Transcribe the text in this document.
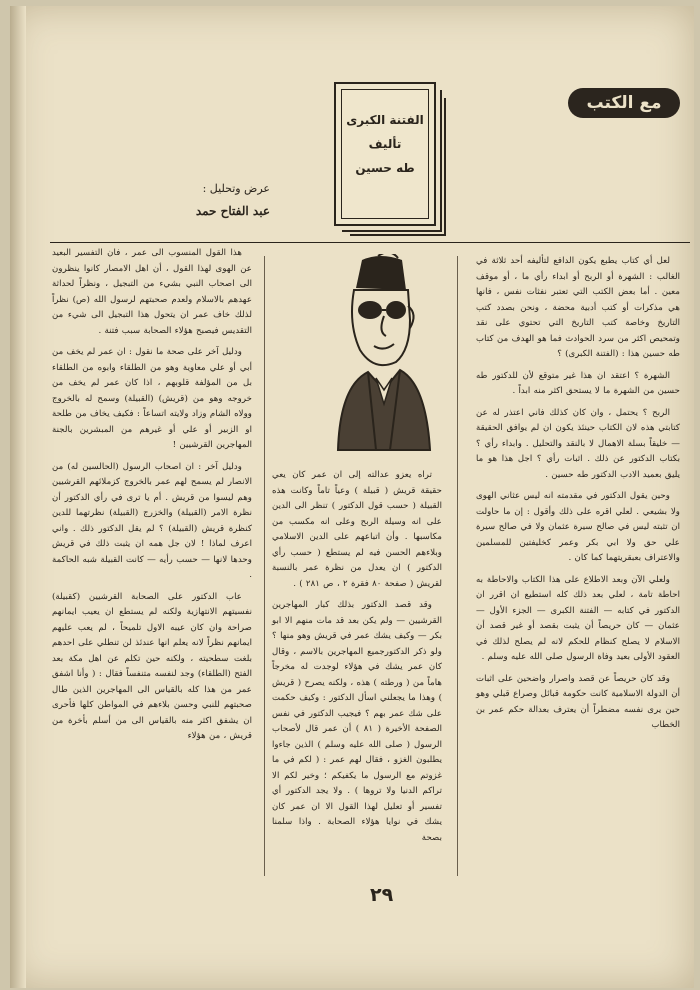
مع الكتب
الفتنة الكبرى
تأليف
طه حسين
عرض وتحليل :
عبد الفتاح حمد

لعل أي كتاب يطبع يكون الدافع لتأليفه أحد ثلاثة في الغالب : الشهرة أو الربح أو ابداء رأي ما ، أو موقف معين . أما بعض الكتب التي تعتبر نفثات نفس ، فانها هي مذكرات أو كتب أدبية محضة ، ونحن بصدد كتب التاريخ وخاصة كتب التاريخ التي تحتوي على نقد وتمحيص اكثر من سرد الحوادث فما هو الهدف من كتاب طه حسين هذا : (الفتنة الكبرى) ؟

الشهرة ؟ اعتقد ان هذا غير متوقع لأن للدكتور طه حسين من الشهرة ما لا يستحق اكثر منه ابداً .

الربح ؟ يحتمل ، وان كان كذلك فاني اعتذر له عن كتابتي هذه لان الكتاب حينئذ يكون ان لم يوافق الحقيقة — خليقاً بسلة الاهمال لا بالنقد والتحليل . وابداء رأي ؟ بكتاب الدكتور عن ذلك . اثبات رأي ؟ اجل هذا هو ما يليق بعميد الادب الدكتور طه حسين .

وحين يقول الدكتور في مقدمته انه ليس عثاني الهوى ولا بشيعي . لعلي اقره على ذلك وأقول : إن ما حاولت ان تثبته ليس في صالح سيرة عثمان ولا في صالح سيرة علي حق ولا ابي بكر وعمر كخليفتين للمسلمين والاعتراف بعبقريتهما كما كان .

ولعلي الآن وبعد الاطلاع على هذا الكتاب والاحاطة به احاطة تامة ، لعلي بعد ذلك كله استطيع ان اقرر ان الدكتور في كتابه — الفتنة الكبرى — الجزء الأول — عثمان — كان حريصاً أن يثبت بقصد أو غير قصد أن الاسلام لا يصلح كنظام للحكم لانه لم يصلح لذلك في العقود الأولى بعيد وفاة الرسول صلى الله عليه وسلم .

وقد كان حريصاً عن قصد واصرار واضحين على اثبات أن الدولة الاسلامية كانت حكومة قبائل وصراع قبلي وهو حين يرى نفسه مضطراً أن يعترف بعدالة حكم عمر بن الخطاب

تراه يعزو عدالته إلى ان عمر كان يعي حقيقة قريش ( قبيلة ) وعياً تاماً وكانت هذه القبيلة ( حسب قول الدكتور ) تنظر الى الدين على انه وسيلة الربح وعلى انه مكسب من مكاسبها . وأن اتباعهم على الدين الاسلامي وبلاءهم الحسن فيه لم يستطع ( حسب رأي الدكتور ) ان يعدل من نظرة عمر بالنسبة لقريش ( صفحة ٨٠ فقرة ٢ ، ص ٢٨١ ) .

وقد قصد الدكتور بذلك كبار المهاجرين القرشيين — ولم يكن بعد قد مات منهم الا ابو بكر — وكيف يشك عمر في قريش وهو منها ؟ ولو ذكر الدكتورجميع المهاجرين بالاسم ، وقال كان عمر يشك في هؤلاء لوجدت له مخرجاً هاماً من ( ورطته ) هذه ، ولكنه يصرح ( قريش ) وهذا ما يجعلني اسأل الدكتور : وكيف حكمت على شك عمر بهم ؟ فيجيب الدكتور في نفس الصفحة الأخيرة ( ٨١ ) أن عمر قال لأصحاب الرسول ( صلى الله عليه وسلم ) الذين جاءوا يطلبون الغزو ، فقال لهم عمر : ( لكم في ما غزوتم مع الرسول ما يكفيكم ؛ وخير لكم الا تراكم الدنيا ولا تروها ) . ولا يجد الدكتور أي تفسير أو تعليل لهذا القول الا ان عمر كان يشك في نوايا هؤلاء الصحابة . واذا سلمنا بصحة

هذا القول المنسوب الى عمر ، فان التفسير البعيد عن الهوى لهذا القول ، أن اهل الامصار كانوا ينظرون الى اصحاب النبي بشيء من التبجيل ، ونظراً لحداثة عهدهم بالاسلام ولعدم صحبتهم لرسول الله (ص) نظراً لذلك خاف عمر ان يتحول هذا التبجيل الى شيء من التقديس فيصبح هؤلاء الصحابة سبب فتنة .

ودليل آخر على صحة ما نقول : ان عمر لم يخف من أبي أو علي معاوية وهو من الطلقاء وابوه من الطلقاء بل من المؤلفة قلوبهم ، اذا كان عمر لم يخف من خروجه وهو من (قريش) (القبيلة) وسمح له بالخروج وولاه الشام وزاد ولايته اتساعاً : فكيف يخاف من طلحة او الزبير أو علي أو غيرهم من المبشرين بالجنة المهاجرين القرشيين !

ودليل آخر : ان اصحاب الرسول (الحالسين له) من الانصار لم يسمح لهم عمر بالخروج كزملائهم القرشيين وهم ليسوا من قريش . أم يا ترى في رأي الدكتور أن نظرة الامر (القبيلة) والخزرج (القبيلة) نظرتهما للدين كنظرة قريش (القبيلة) ؟ لم يقل الدكتور ذلك . واني اعرف لماذا ! لان جل همه ان يثبت ذلك في قريش وحدها لانها — حسب رأيه — كانت القبيلة شبه الحاكمة .

عاب الدكتور على الصحابة القرشيين (كقبيلة) نفسيتهم الانتهازية ولكنه لم يستطع ان يعيب ايمانهم صراحة وان كان عيبه الاول تلميحاً ، لم يعب عليهم ايمانهم نظراً لانه يعلم انها عندئذ لن تنطلي على احدهم بلغت سطحيته ، ولكنه حين تكلم عن اهل مكة بعد الفتح (الطلقاء) وجد لنفسه متنفساً فقال : ( وأنا اشفق عمر من هذا كله بالقياس الى المهاجرين الذين طال صحبتهم للنبي وحسن بلاءهم في المواطن كلها فأحرى ان يشفق اكثر منه بالقياس الى من أسلم بأخرة من قريش ، من هؤلاء

٢٩
